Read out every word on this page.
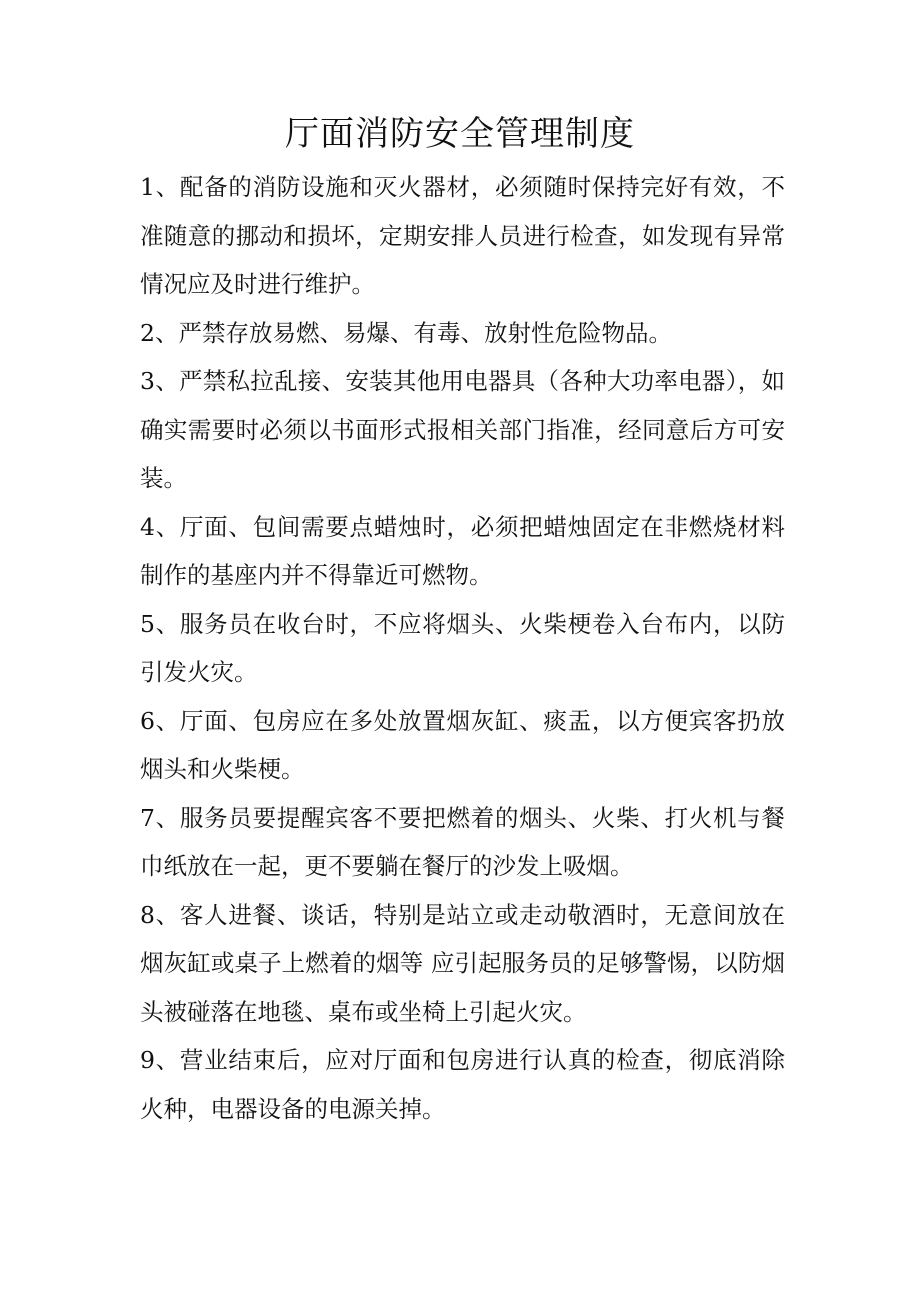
厅面消防安全管理制度

1、配备的消防设施和灭火器材，必须随时保持完好有效，不准随意的挪动和损坏，定期安排人员进行检查，如发现有异常情况应及时进行维护。

2、严禁存放易燃、易爆、有毒、放射性危险物品。

3、严禁私拉乱接、安装其他用电器具（各种大功率电器），如确实需要时必须以书面形式报相关部门指准，经同意后方可安装。

4、厅面、包间需要点蜡烛时，必须把蜡烛固定在非燃烧材料制作的基座内并不得靠近可燃物。

5、服务员在收台时，不应将烟头、火柴梗卷入台布内，以防引发火灾。

6、厅面、包房应在多处放置烟灰缸、痰盂，以方便宾客扔放烟头和火柴梗。

7、服务员要提醒宾客不要把燃着的烟头、火柴、打火机与餐巾纸放在一起，更不要躺在餐厅的沙发上吸烟。

8、客人进餐、谈话，特别是站立或走动敬酒时，无意间放在烟灰缸或桌子上燃着的烟等 应引起服务员的足够警惕，以防烟头被碰落在地毯、桌布或坐椅上引起火灾。

9、营业结束后，应对厅面和包房进行认真的检查，彻底消除火种，电器设备的电源关掉。
